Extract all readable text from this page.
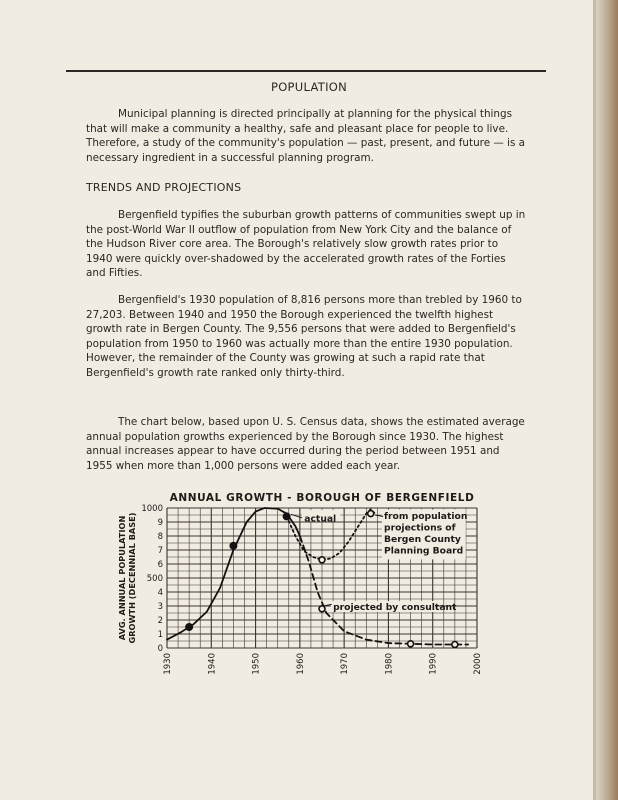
POPULATION
Municipal planning is directed principally at planning for the physical things that will make a community a healthy, safe and pleasant place for people to live. Therefore, a study of the community's population — past, present, and future — is a necessary ingredient in a successful planning program.
TRENDS AND PROJECTIONS
Bergenfield typifies the suburban growth patterns of communities swept up in the post-World War II outflow of population from New York City and the balance of the Hudson River core area. The Borough's relatively slow growth rates prior to 1940 were quickly over-shadowed by the accelerated growth rates of the Forties and Fifties.
Bergenfield's 1930 population of 8,816 persons more than trebled by 1960 to 27,203. Between 1940 and 1950 the Borough experienced the twelfth highest growth rate in Bergen County. The 9,556 persons that were added to Bergenfield's population from 1950 to 1960 was actually more than the entire 1930 population. However, the remainder of the County was growing at such a rapid rate that Bergenfield's growth rate ranked only thirty-third.
The chart below, based upon U. S. Census data, shows the estimated average annual population growths experienced by the Borough since 1930. The highest annual increases appear to have occurred during the period between 1951 and 1955 when more than 1,000 persons were added each year.
ANNUAL GROWTH - BOROUGH OF BERGENFIELD
AVG. ANNUAL POPULATION GROWTH (DECENNIAL BASE)
0
1
2
3
4
500
6
7
8
9
1000
1930	1940	1950	1960	1970	1980	1990	2000
actual	from population
projections of
Bergen County
Planning Board
projected by consultant
